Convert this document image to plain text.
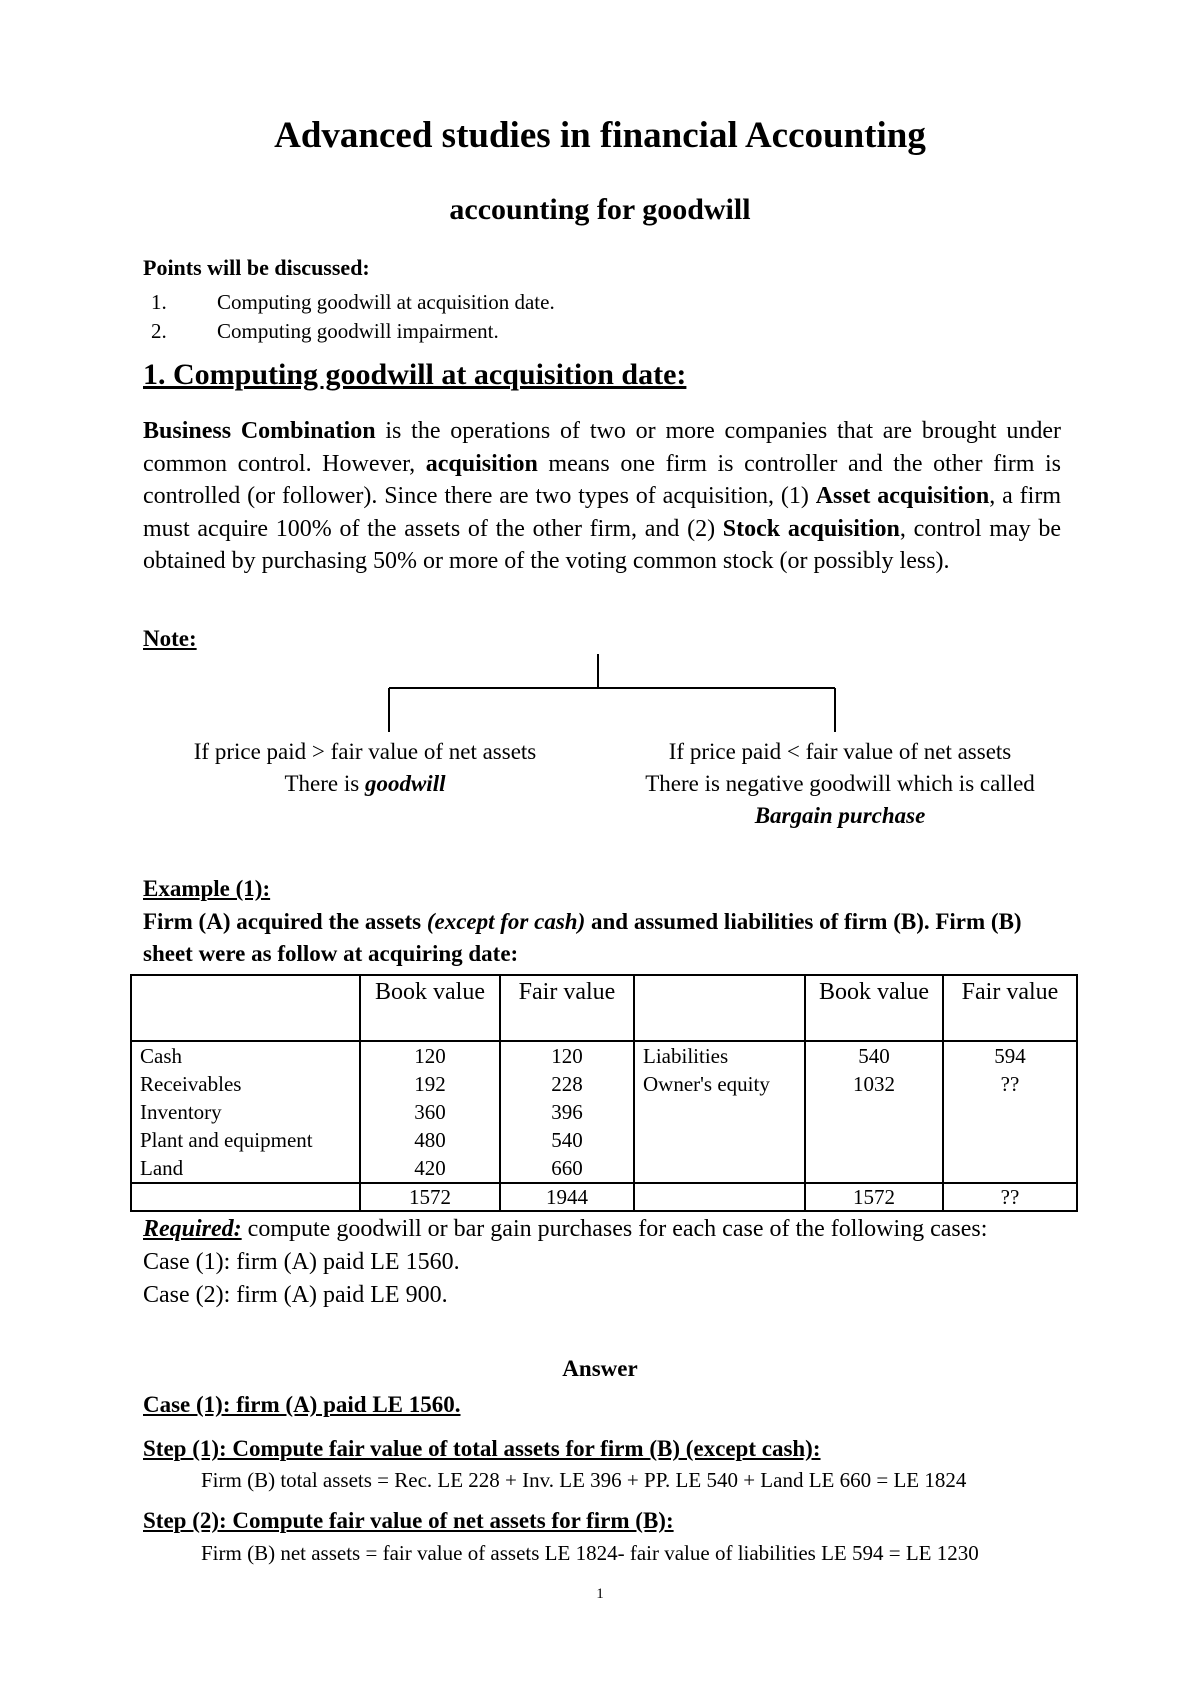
Advanced studies in financial Accounting
accounting for goodwill
Points will be discussed:
1. Computing goodwill at acquisition date.
2. Computing goodwill impairment.
1. Computing goodwill at acquisition date:
Business Combination is the operations of two or more companies that are brought under common control. However, acquisition means one firm is controller and the other firm is controlled (or follower). Since there are two types of acquisition, (1) Asset acquisition, a firm must acquire 100% of the assets of the other firm, and (2) Stock acquisition, control may be obtained by purchasing 50% or more of the voting common stock (or possibly less).
Note:
If price paid > fair value of net assets
There is goodwill
If price paid < fair value of net assets
There is negative goodwill which is called
Bargain purchase
Example (1):
Firm (A) acquired the assets (except for cash) and assumed liabilities of firm (B). Firm (B) sheet were as follow at acquiring date:
	Book value	Fair value		Book value	Fair value
Cash	120	120	Liabilities	540	594
Receivables	192	228	Owner's equity	1032	??
Inventory	360	396			
Plant and equipment	480	540			
Land	420	660			
	1572	1944		1572	??
Required: compute goodwill or bar gain purchases for each case of the following cases:
Case (1): firm (A) paid LE 1560.
Case (2): firm (A) paid LE 900.
Answer
Case (1): firm (A) paid LE 1560.
Step (1): Compute fair value of total assets for firm (B) (except cash):
Firm (B) total assets = Rec. LE 228 + Inv. LE 396 + PP. LE 540 + Land LE 660 = LE 1824
Step (2): Compute fair value of net assets for firm (B):
Firm (B) net assets = fair value of assets LE 1824- fair value of liabilities LE 594 = LE 1230
1
